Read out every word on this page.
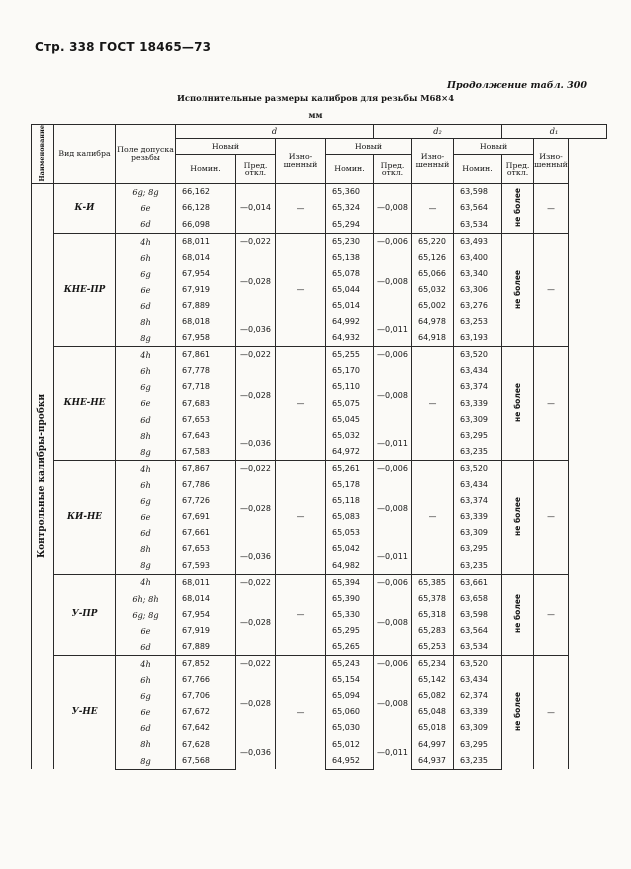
Стр. 338 ГОСТ 18465—73
Продолжение табл. 300
Исполнительные размеры калибров для резьбы М68×4
мм
Наименование	Вид калибра	Поле допуска резьбы	d				d₂			d₁	
			Новый		Изно- шенный	Новый		Изно- шенный	Новый		Изно- шенный
			Номин.	Пред. откл.		Номин.	Пред. откл.		Номин.	Пред. откл.	
Контрольные калибры-пробки	К-И	6g; 8g	66,162	—0,014	—	65,360	—0,008	—	63,598	не более	—
		6e	66,128			65,324			63,564		
		6d	66,098			65,294			63,534		
	КНЕ-ПР	4h	68,011	—0,022	—	65,230	—0,006	65,220	63,493	не более	—
		6h	68,014	—0,028		65,138	—0,008	65,126	63,400		
		6g	67,954			65,078		65,066	63,340		
		6e	67,919			65,044		65,032	63,306		
		6d	67,889			65,014		65,002	63,276		
		8h	68,018	—0,036		64,992	—0,011	64,978	63,253		
		8g	67,958			64,932		64,918	63,193		
	КНЕ-НЕ	4h	67,861	—0,022	—	65,255	—0,006	—	63,520	не более	—
		6h	67,778	—0,028		65,170	—0,008		63,434		
		6g	67,718			65,110			63,374		
		6e	67,683			65,075			63,339		
		6d	67,653			65,045			63,309		
		8h	67,643	—0,036		65,032	—0,011		63,295		
		8g	67,583			64,972			63,235		
	КИ-НЕ	4h	67,867	—0,022	—	65,261	—0,006	—	63,520	не более	—
		6h	67,786	—0,028		65,178	—0,008		63,434		
		6g	67,726			65,118			63,374		
		6e	67,691			65,083			63,339		
		6d	67,661			65,053			63,309		
		8h	67,653	—0,036		65,042	—0,011		63,295		
		8g	67,593			64,982			63,235		
	У-ПР	4h	68,011	—0,022	—	65,394	—0,006	65,385	63,661	не более	—
		6h; 8h	68,014	—0,028		65,390	—0,008	65,378	63,658		
		6g; 8g	67,954			65,330		65,318	63,598		
		6e	67,919			65,295		65,283	63,564		
		6d	67,889			65,265		65,253	63,534		
	У-НЕ	4h	67,852	—0,022	—	65,243	—0,006	65,234	63,520	не более	—
		6h	67,766	—0,028		65,154	—0,008	65,142	63,434		
		6g	67,706			65,094		65,082	62,374		
		6e	67,672			65,060		65,048	63,339		
		6d	67,642			65,030		65,018	63,309		
		8h	67,628	—0,036		65,012	—0,011	64,997	63,295		
		8g	67,568			64,952		64,937	63,235		
